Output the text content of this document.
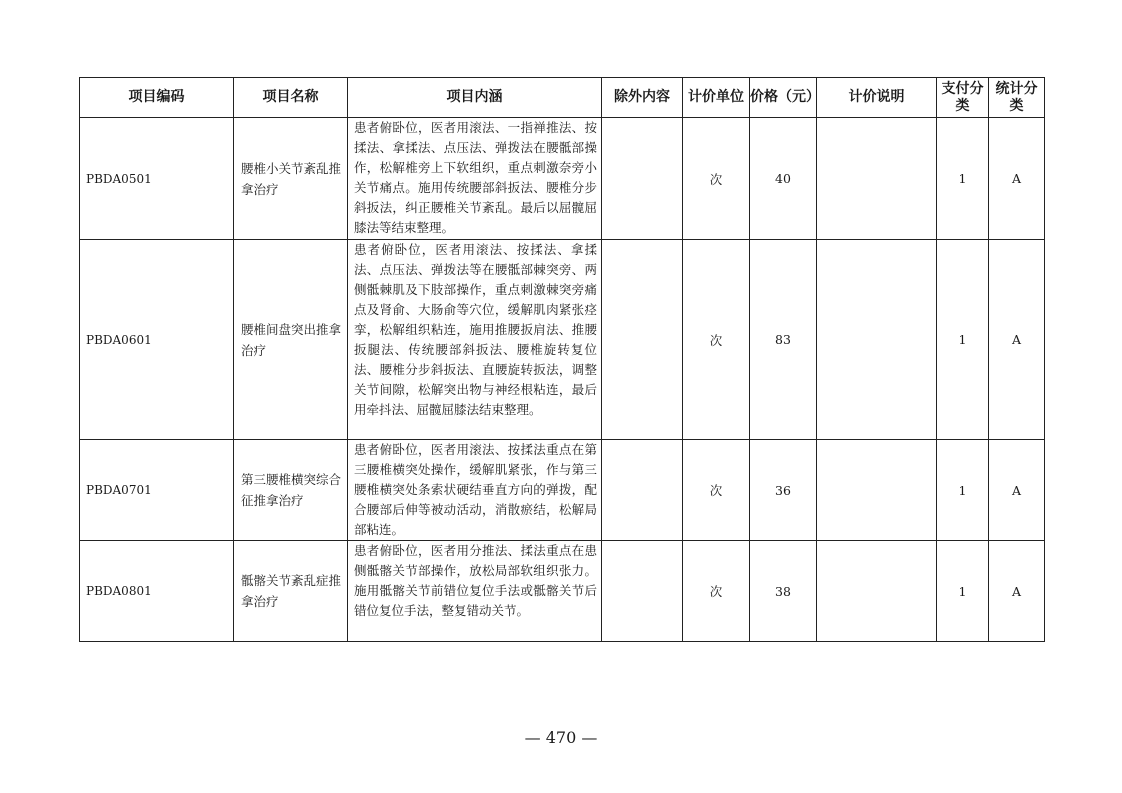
项目编码	项目名称	项目内涵	除外内容	计价单位	价格（元）	计价说明	支付分类	统计分类
PBDA0501	腰椎小关节紊乱推拿治疗	患者俯卧位，医者用滚法、一指禅推法、按揉法、拿揉法、点压法、弹拨法在腰骶部操作，松解椎旁上下软组织，重点刺激奈旁小关节痛点。施用传统腰部斜扳法、腰椎分步斜扳法，纠正腰椎关节紊乱。最后以屈髋屈膝法等结束整理。		次	40		1	A
PBDA0601	腰椎间盘突出推拿治疗	患者俯卧位，医者用滚法、按揉法、拿揉法、点压法、弹拨法等在腰骶部棘突旁、两侧骶棘肌及下肢部操作，重点刺激棘突旁痛点及肾俞、大肠俞等穴位，缓解肌肉紧张痉挛，松解组织粘连，施用推腰扳肩法、推腰扳腿法、传统腰部斜扳法、腰椎旋转复位法、腰椎分步斜扳法、直腰旋转扳法，调整关节间隙，松解突出物与神经根粘连，最后用牵抖法、屈髋屈膝法结束整理。		次	83		1	A
PBDA0701	第三腰椎横突综合征推拿治疗	患者俯卧位，医者用滚法、按揉法重点在第三腰椎横突处操作，缓解肌紧张，作与第三腰椎横突处条索状硬结垂直方向的弹拨，配合腰部后伸等被动活动，消散瘀结，松解局部粘连。		次	36		1	A
PBDA0801	骶髂关节紊乱症推拿治疗	患者俯卧位，医者用分推法、揉法重点在患侧骶髂关节部操作，放松局部软组织张力。施用骶髂关节前错位复位手法或骶髂关节后错位复位手法，整复错动关节。		次	38		1	A
— 470 —
